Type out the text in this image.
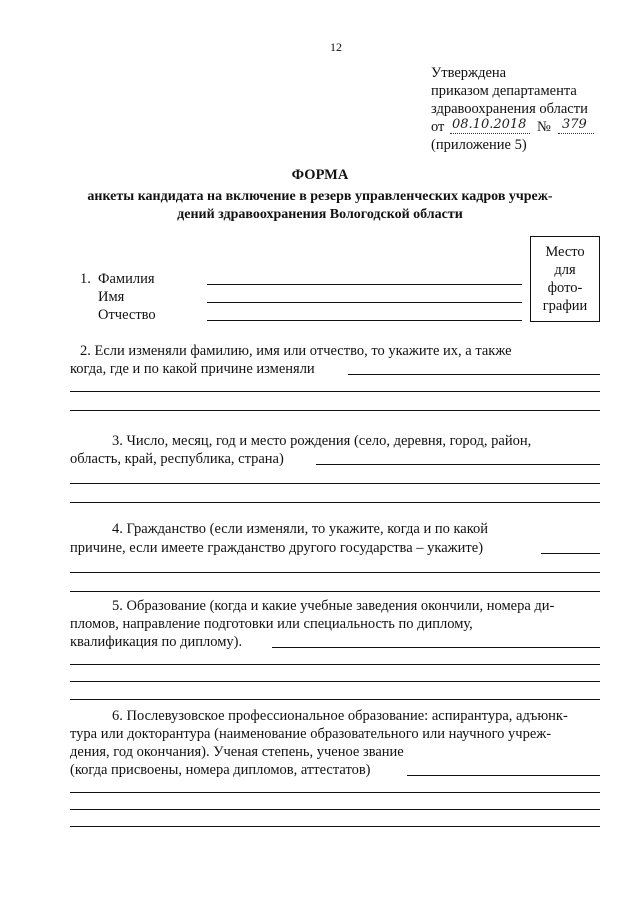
12
Утверждена
приказом департамента
здравоохранения области
от 08.10.2018 № 379
(приложение 5)
ФОРМА
анкеты кандидата на включение в резерв управленческих кадров учреж-
дений здравоохранения Вологодской области
Место
для
фото-
графии
1. Фамилия
Имя
Отчество
2. Если изменяли фамилию, имя или отчество, то укажите их, а также
когда, где и по какой причине изменяли
3. Число, месяц, год и место рождения (село, деревня, город, район,
область, край, республика, страна)
4. Гражданство (если изменяли, то укажите, когда и по какой
причине, если имеете гражданство другого государства – укажите)
5. Образование (когда и какие учебные заведения окончили, номера ди-
пломов, направление подготовки или специальность по диплому,
квалификация по диплому).
6. Послевузовское профессиональное образование: аспирантура, адъюнк-
тура или докторантура (наименование образовательного или научного учреж-
дения, год окончания). Ученая степень, ученое звание
(когда присвоены, номера дипломов, аттестатов)
